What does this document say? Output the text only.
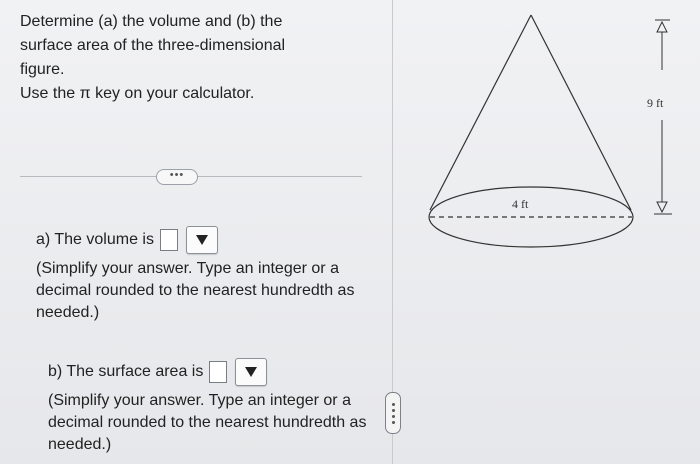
Determine (a) the volume and (b) the

surface area of the three-dimensional

figure.

Use the π key on your calculator.

•••
a) The volume is
(Simplify your answer. Type an integer or a decimal rounded to the nearest hundredth as needed.)
b) The surface area is
(Simplify your answer. Type an integer or a decimal rounded to the nearest hundredth as needed.)
4 ft
9 ft
